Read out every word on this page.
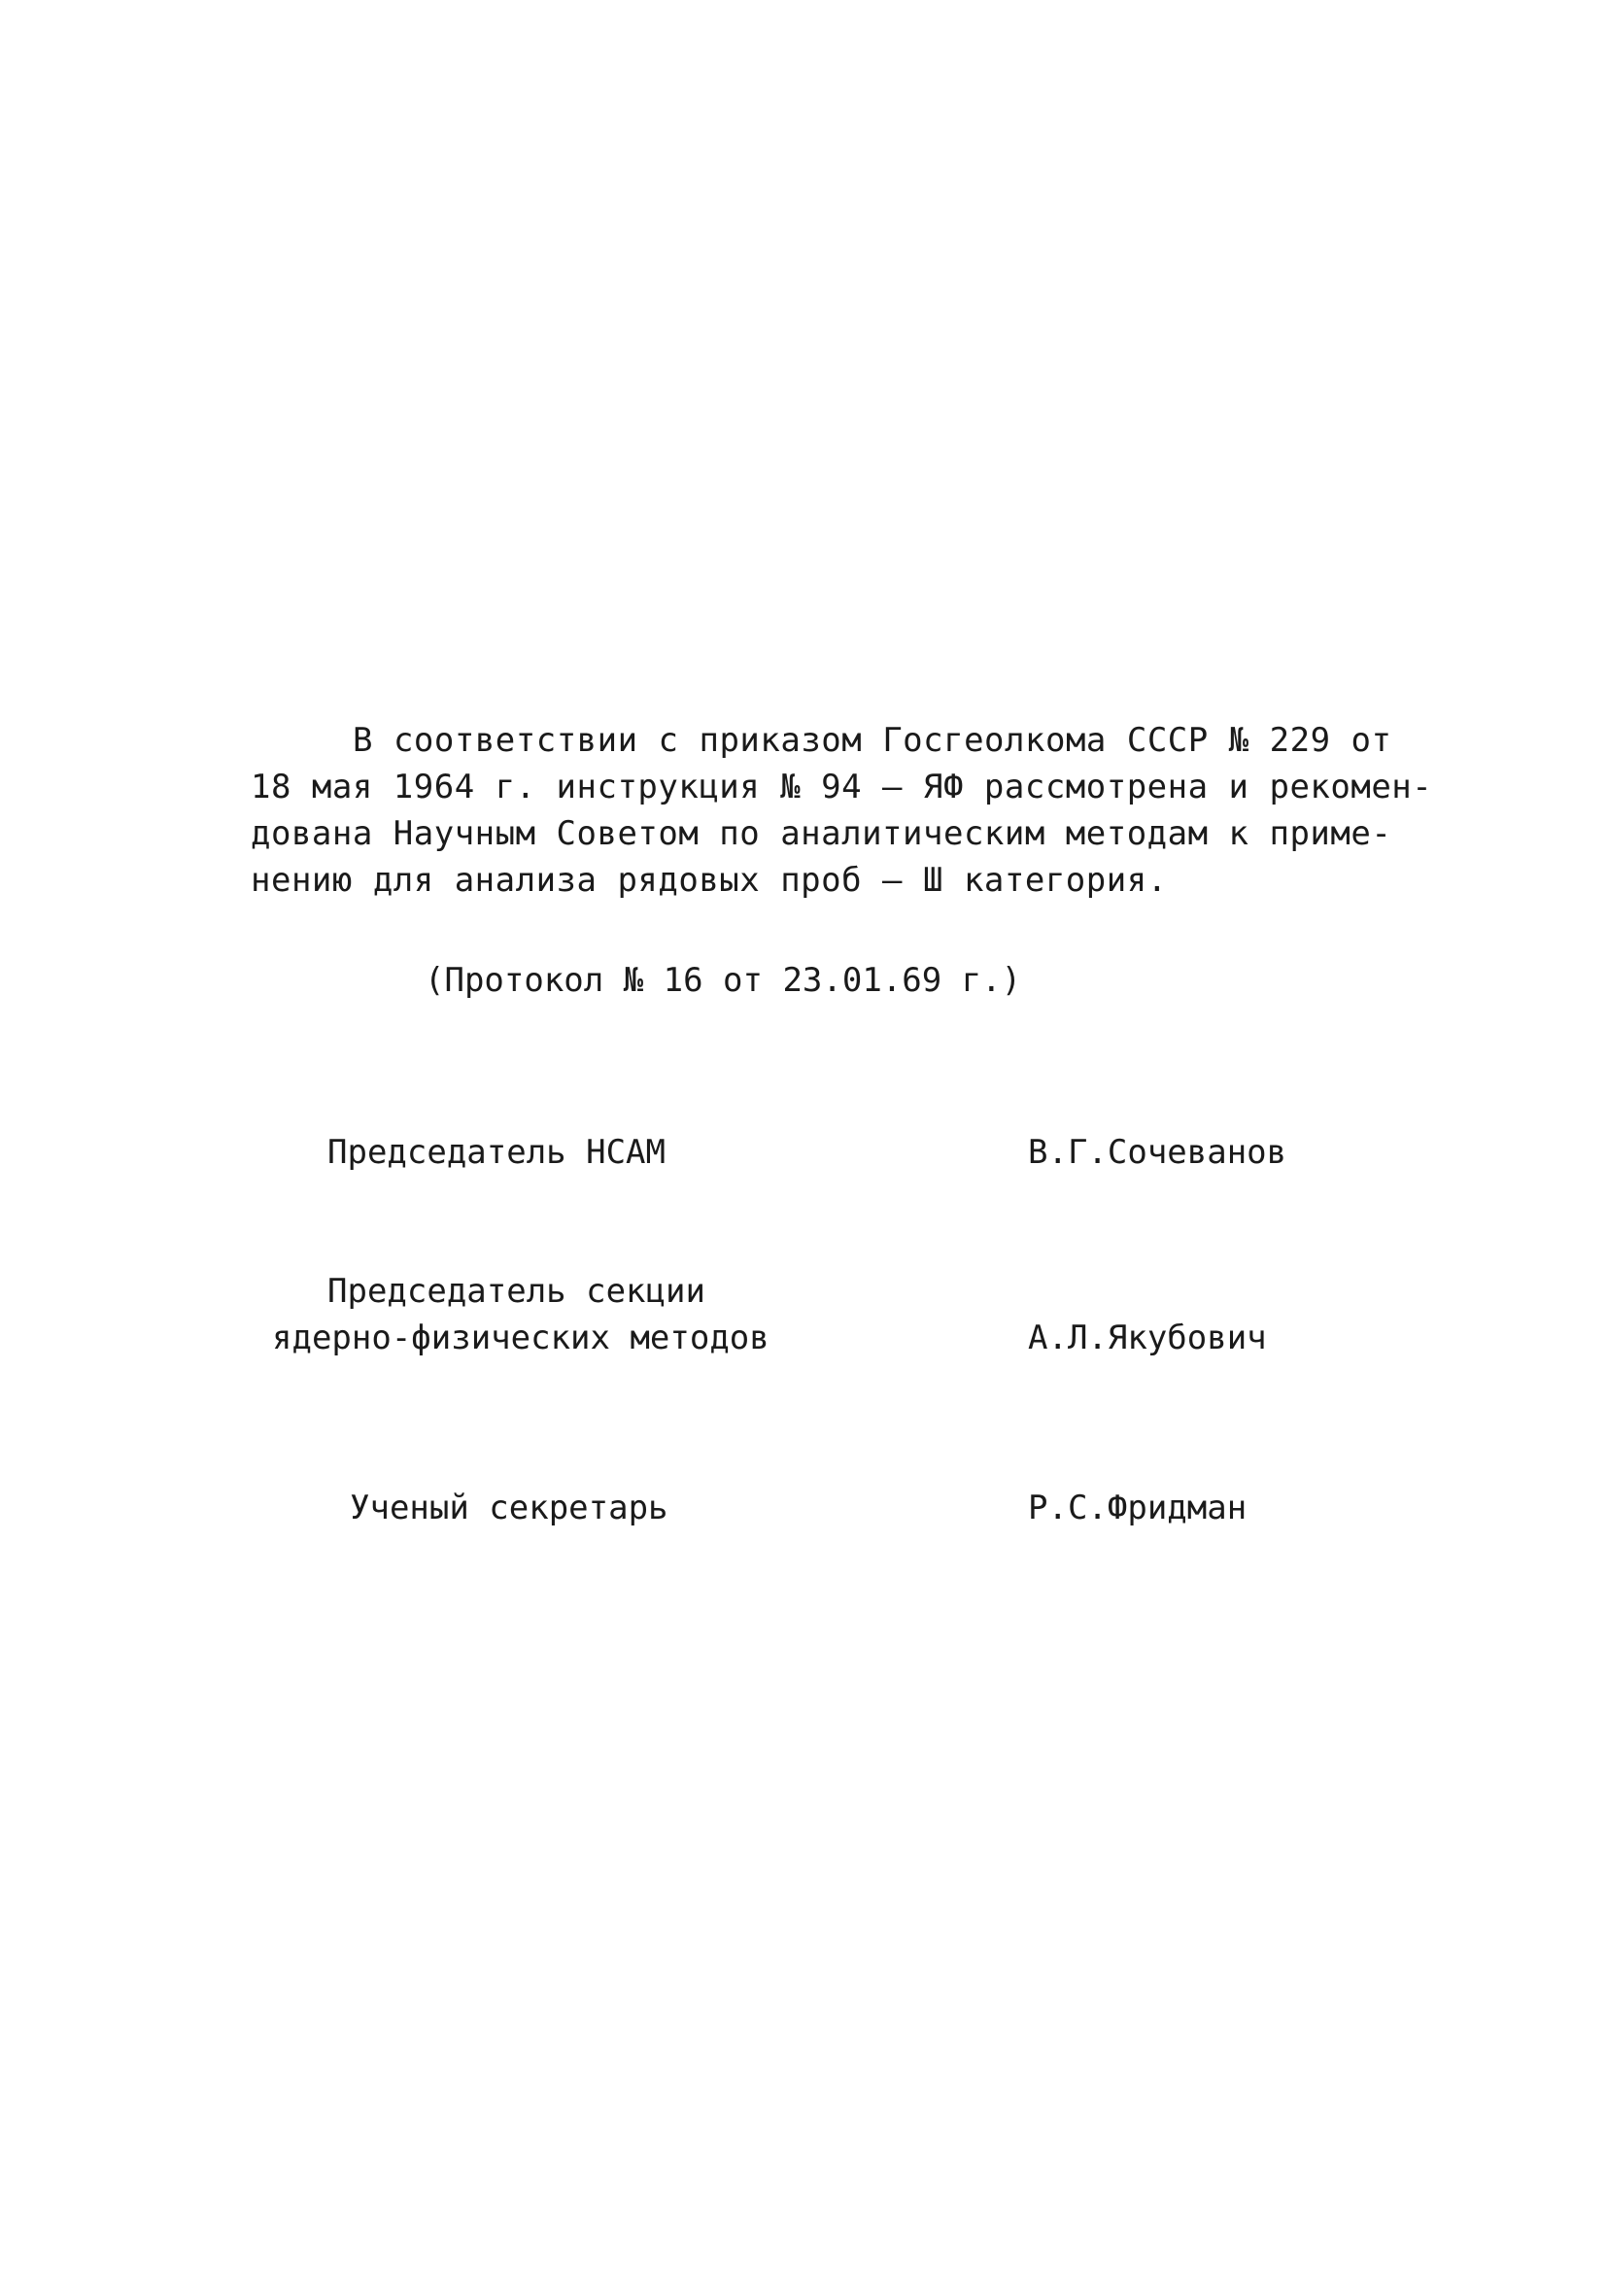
В соответствии с приказом Госгеолкома СССР № 229 от
18 мая 1964 г. инструкция № 94 – ЯФ рассмотрена и рекомен-
дована Научным Советом по аналитическим методам к приме-
нению для анализа рядовых проб – Ш категория.
(Протокол № 16 от 23.01.69 г.)
Председатель НСАМ	В.Г.Сочеванов
Председатель секции
ядерно-физических методов	А.Л.Якубович
Ученый секретарь	Р.С.Фридман
